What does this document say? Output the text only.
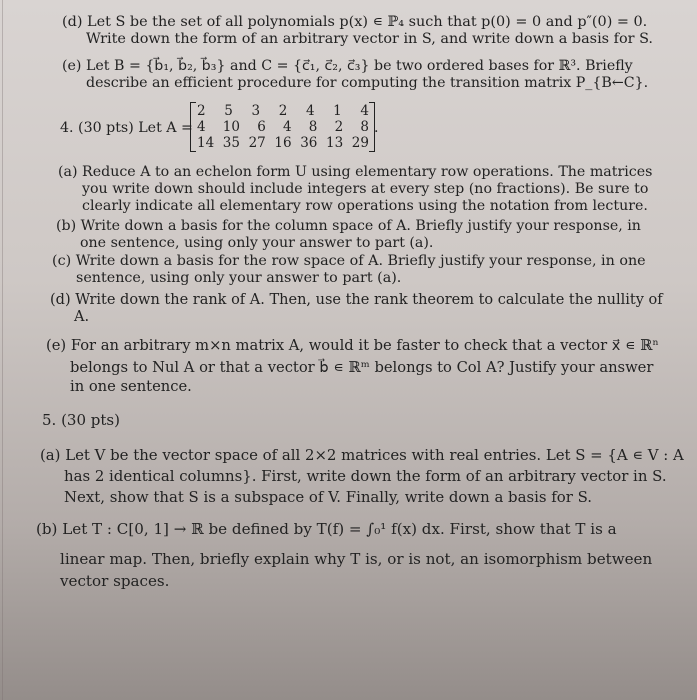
(d) Let S be the set of all polynomials p(x) ∊ ℙ₄ such that p(0) = 0 and p″(0) = 0.
Write down the form of an arbitrary vector in S, and write down a basis for S.
(e) Let B = {b⃗₁, b⃗₂, b⃗₃} and C = {c⃗₁, c⃗₂, c⃗₃} be two ordered bases for ℝ³. Briefly
describe an efficient procedure for computing the transition matrix P_{B←C}.
4. (30 pts) Let A =
2 5 3 2 4 1 4
4 10 6 4 8 2 8
14 35 27 16 36 13 29
.
(a) Reduce A to an echelon form U using elementary row operations. The matrices
you write down should include integers at every step (no fractions). Be sure to
clearly indicate all elementary row operations using the notation from lecture.
(b) Write down a basis for the column space of A. Briefly justify your response, in
one sentence, using only your answer to part (a).
(c) Write down a basis for the row space of A. Briefly justify your response, in one
sentence, using only your answer to part (a).
(d) Write down the rank of A. Then, use the rank theorem to calculate the nullity of
A.
(e) For an arbitrary m×n matrix A, would it be faster to check that a vector x⃗ ∊ ℝⁿ
belongs to Nul A or that a vector b⃗ ∊ ℝᵐ belongs to Col A? Justify your answer
in one sentence.
5. (30 pts)
(a) Let V be the vector space of all 2×2 matrices with real entries. Let S = {A ∊ V : A
has 2 identical columns}. First, write down the form of an arbitrary vector in S.
Next, show that S is a subspace of V. Finally, write down a basis for S.
(b) Let T : C[0, 1] → ℝ be defined by T(f) = ∫₀¹ f(x) dx. First, show that T is a
linear map. Then, briefly explain why T is, or is not, an isomorphism between
vector spaces.
